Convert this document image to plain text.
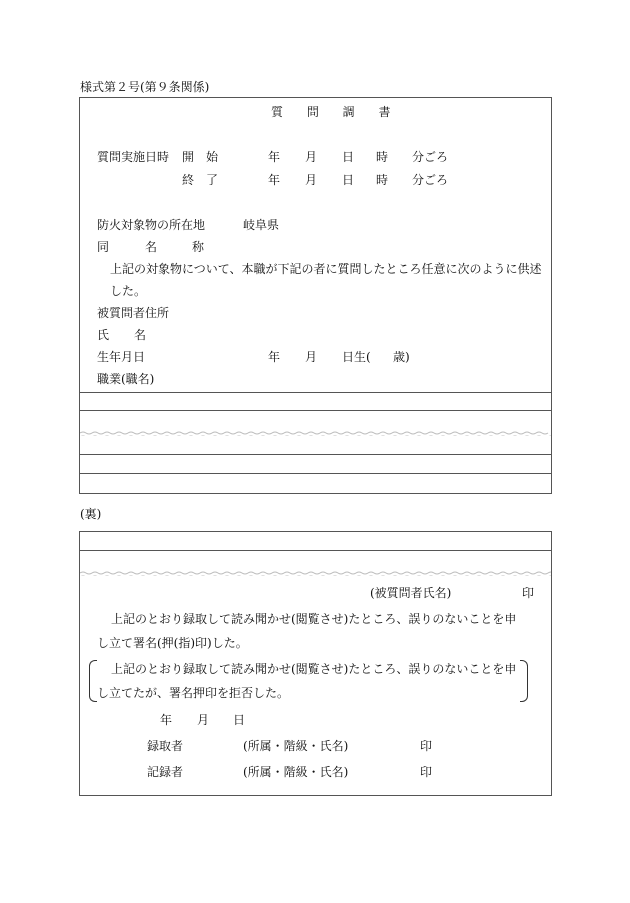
様式第２号(第９条関係)
質 問 調 書
質問実施日時 開　始	年 月 日 時 分ごろ
終　了	年 月 日 時 分ごろ
防火対象物の所在地	岐阜県
同	名	称
上記の対象物について、本職が下記の者に質問したところ任意に次のように供述
した。
被質問者住所
氏 名
生年月日	年 月 日生( 歳)
職業(職名)
(裏)
(被質問者氏名)	印
上記のとおり録取して読み聞かせ(閲覧させ)たところ、誤りのないことを申
し立て署名(押(指)印)した。
上記のとおり録取して読み聞かせ(閲覧させ)たところ、誤りのないことを申
し立てたが、署名押印を拒否した。
年 月 日
録取者	(所属・階級・氏名)	印
記録者	(所属・階級・氏名)	印
